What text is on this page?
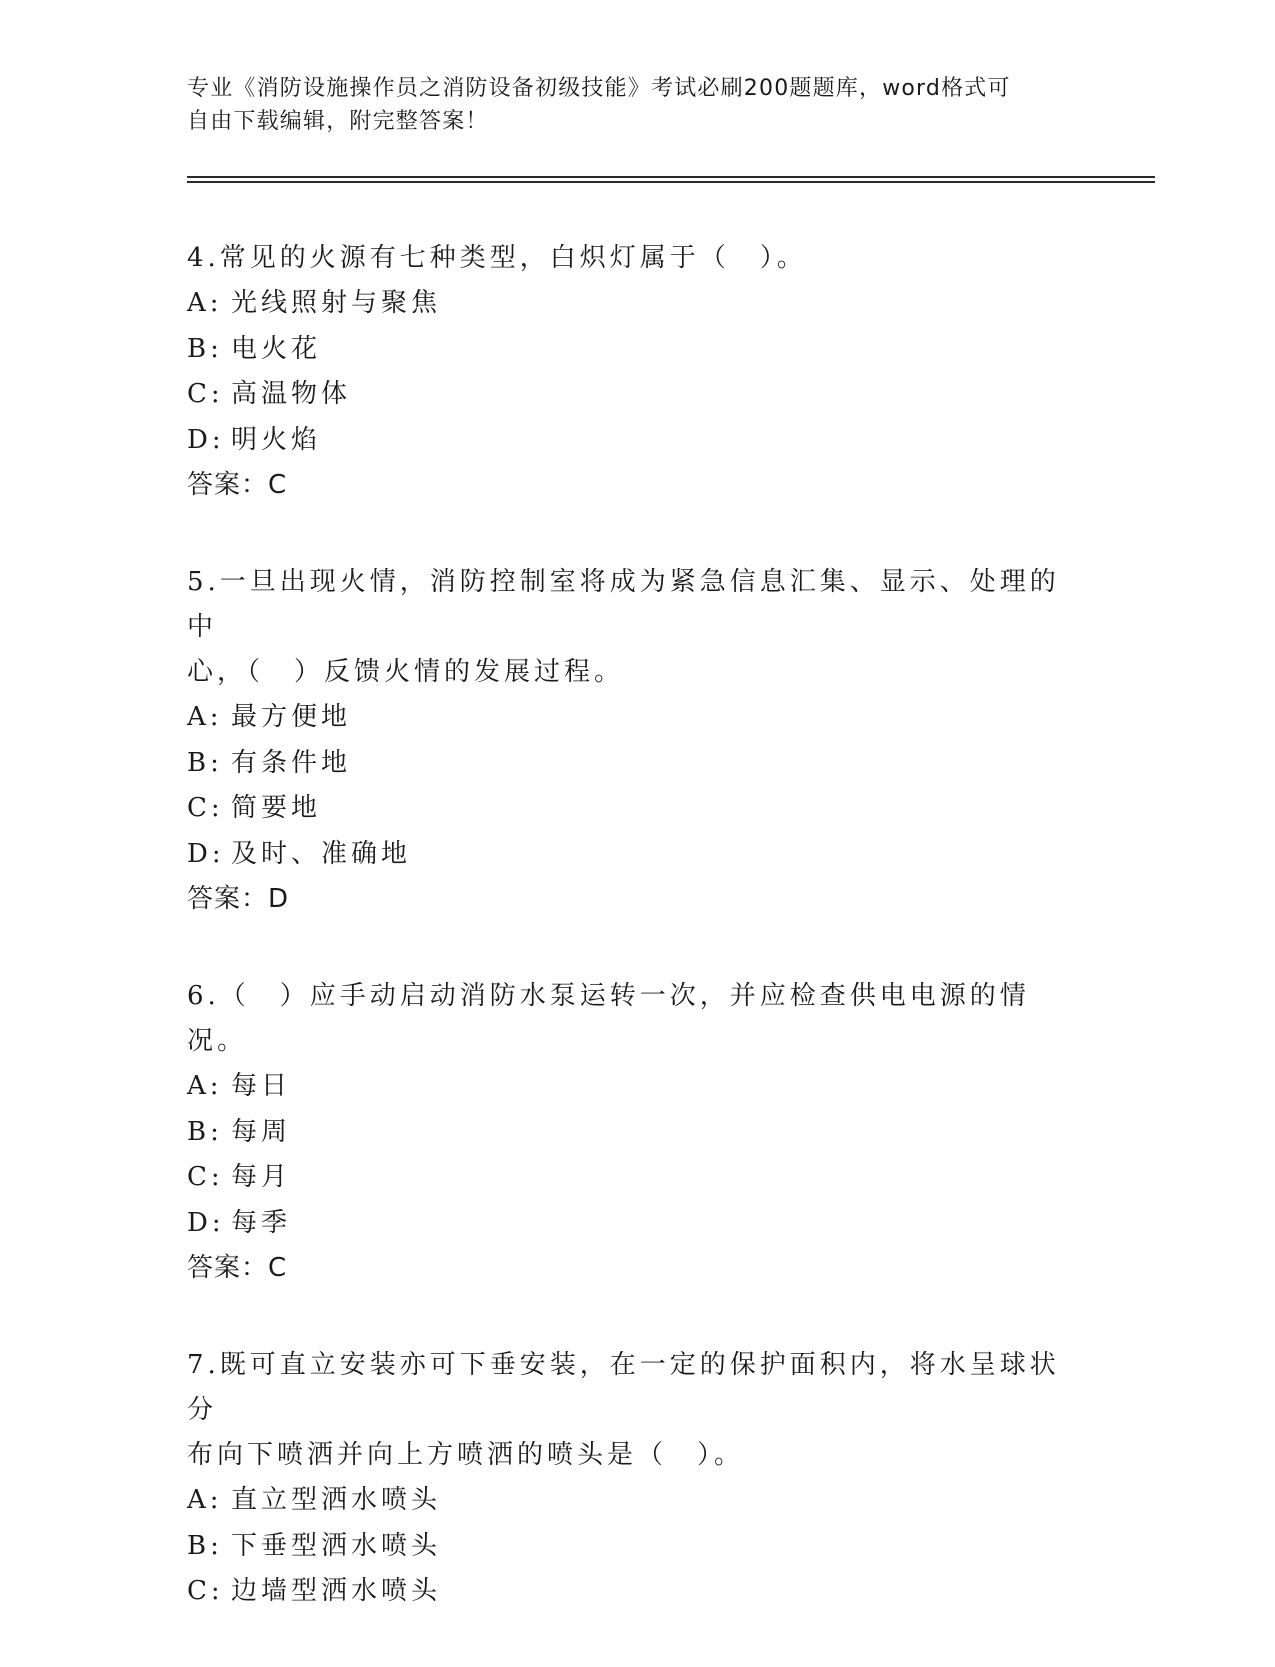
专业《消防设施操作员之消防设备初级技能》考试必刷200题题库，word格式可
自由下载编辑，附完整答案！
4.常见的火源有七种类型，白炽灯属于（　）。
A: 光线照射与聚焦
B: 电火花
C: 高温物体
D: 明火焰
答案：C
5.一旦出现火情，消防控制室将成为紧急信息汇集、显示、处理的中
心，（　）反馈火情的发展过程。
A: 最方便地
B: 有条件地
C: 简要地
D: 及时、准确地
答案：D
6.（　）应手动启动消防水泵运转一次，并应检查供电电源的情况。
A: 每日
B: 每周
C: 每月
D: 每季
答案：C
7.既可直立安装亦可下垂安装，在一定的保护面积内，将水呈球状分
布向下喷洒并向上方喷洒的喷头是（　）。
A: 直立型洒水喷头
B: 下垂型洒水喷头
C: 边墙型洒水喷头
